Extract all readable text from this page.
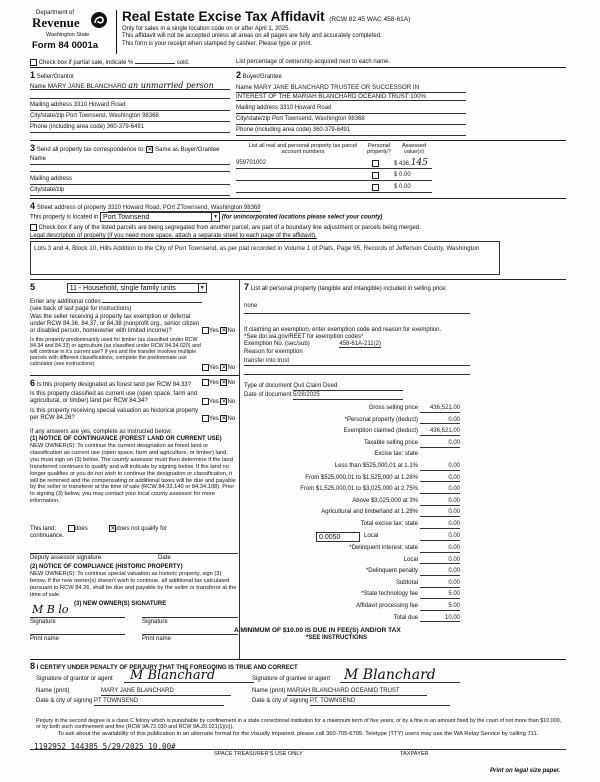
Department of
Revenue
Washington State
Form 84 0001a
Real Estate Excise Tax Affidavit (RCW 82.45 WAC 458-61A)
Only for sales in a single location code on or after April 1, 2025.
This affidavit will not be accepted unless all areas on all pages are fully and accurately completed.
This form is your receipt when stamped by cashier. Please type or print.
Check box if partial sale, indicate %	sold.	List percentage of ownership acquired next to each name.
1 Seller/Grantor
Name MARY JANE BLANCHARD an unmarried person
Mailing address 3310 Howard Road
City/state/zip Port Townsend, Washington 98368
Phone (including area code) 360-379-6491
2 Buyer/Grantee
Name MARY JANE BLANCHARD TRUSTEE OR SUCCESSOR IN
INTEREST OF THE MARIAH BLANCHARD OCEANID TRUST 100%
Mailing address 3310 Howard Road
City/state/zip Port Townsend, Washington 98368
Phone (including area code) 360-379-6491
3 Send all property tax correspondence to: ✕ Same as Buyer/Grantee
Name
Mailing address
City/state/zip
List all real and personal property tax parcel account numbers
Personal property?
Assessed value(s)
959701002	$ 436,145
$ 0.00
$ 0.00
4 Street address of property 3310 Howard Road, POrt ZTownsend, Washington 98368
This property is located in Port Townsend	▼ (for unincorporated locations please select your county)
Check box if any of the listed parcels are being segregated from another parcel, are part of a boundary line adjustment or parcels being merged.
Legal description of property (if you need more space, attach a separate sheet to each page of the affidavit).
Lots 3 and 4, Block 10, Hills Addition to the City of Port Townsend, as per plat recorded in Volume 1 of Plats, Page 95, Records of Jefferson County, Washington
5	11 - Household, single family units	▼
Enter any additional codes
(see back of last page for instructions)
Was the seller receiving a property tax exemption or deferral under RCW 84.36, 84.37, or 84.38 (nonprofit org., senior citizen or disabled person, homeowner with limited income)?	Yes ✕No
Is this property predominantly used for timber (as classified under RCW 84.34 and 84.33) or agriculture (as classified under RCW 84.34.020) and will continue in it's current use? If yes and the transfer involves multiple parcels with different classifications, complete the predominate use calculator (see instructions)
Yes ✕No
6 Is this property designated as forest land per RCW 84.33?	Yes ✕No
Is this property classified as current use (open space, farm and agricultural, or timber) land per RCW 84.34?	Yes ✕No
Is this property receiving special valuation as historical property per RCW 84.26?	Yes ✕No
If any answers are yes, complete as instructed below.
(1) NOTICE OF CONTINUANCE (FOREST LAND OR CURRENT USE)
NEW OWNER(S): To continue the current designation as forest land or classification as current use (open space, farm and agriculture, or timber) land, you must sign on (3) below. The county assessor must then determine if the land transferred continues to qualify and will indicate by signing below. If the land no longer qualifies or you do not wish to continue the designation or classification, it will be removed and the compensating or additional taxes will be due and payable by the seller or transferor at the time of sale (RCW 84.33.140 or 84.34.108). Prior to signing (3) below, you may contact your local county assessor for more information.
This land:	does	✕does not qualify for
continuance.
Deputy assessor signature	Date
(2) NOTICE OF COMPLIANCE (HISTORIC PROPERTY)
NEW OWNER(S): To continue special valuation as historic property, sign (3) below. If the new owner(s) doesn't wish to continue, all additional tax calculated pursuant to RCW 84.26, shall be due and payable by the seller or transferor at the time of sale.
M B lo (3) NEW OWNER(S) SIGNATURE
Signature	Signature
Print name	Print name
7 List all personal property (tangible and intangible) included in selling price.
none
If claiming an exemption, enter exemption code and reason for exemption. *See dor.wa.gov/REET for exemption codes*
Exemption No. (sec/sub)	458-61A-211(2)
Reason for exemption
transfer into trust
Type of document Quit Claim Deed
Date of document 5/28/2025
Gross selling price	436,521.00
*Personal property (deduct)	0.00
Exemption claimed (deduct)	436,521.00
Taxable selling price	0.00
Excise tax: state
Less than $525,000.01 at 1.1%	0.00
From $525,000.01 to $1,525,000 at 1.28%	0.00
From $1,525,000.01 to $3,025,000 at 2.75%	0.00
Above $3,025,000 at 3%	0.00
Agricultural and timberland at 1.28%	0.00
Total excise tax: state	0.00
0.0050	Local	0.00
*Delinquent interest: state	0.00
Local	0.00
*Delinquent penalty	0.00
Subtotal	0.00
*State technology fee	5.00
Affidavit processing fee	5.00
Total due	10.00
A MINIMUM OF $10.00 IS DUE IN FEE(S) AND/OR TAX
*SEE INSTRUCTIONS
8 I CERTIFY UNDER PENALTY OF PERJURY THAT THE FOREGOING IS TRUE AND CORRECT
Signature of grantor or agent M Blanchard	Signature of grantee or agent M Blanchard
Name (print)	MARY JANE BLANCHARD	Name (print) MARIAH BLANCHARD OCEANID TRUST
Date & city of signing PT TOWNSEND	Date & city of signing PT, TOWNSEND
Perjury in the second degree is a class C felony which is punishable by confinement in a state correctional institution for a maximum term of five years, or by a fine in an amount fixed by the court of not more than $10,000, or by both such confinement and fine (RCW 9A.72.030 and RCW 9A.20.021(1)(c)).
To ask about the availability of this publication in an alternate format for the visually impaired, please call 360-705-6705. Teletype (TTY) users may use the WA Relay Service by calling 711.
1192952 144385 5/29/2025 10.00#
SPACE TREASURER'S USE ONLY	TAXPAYER
Print on legal size paper.
